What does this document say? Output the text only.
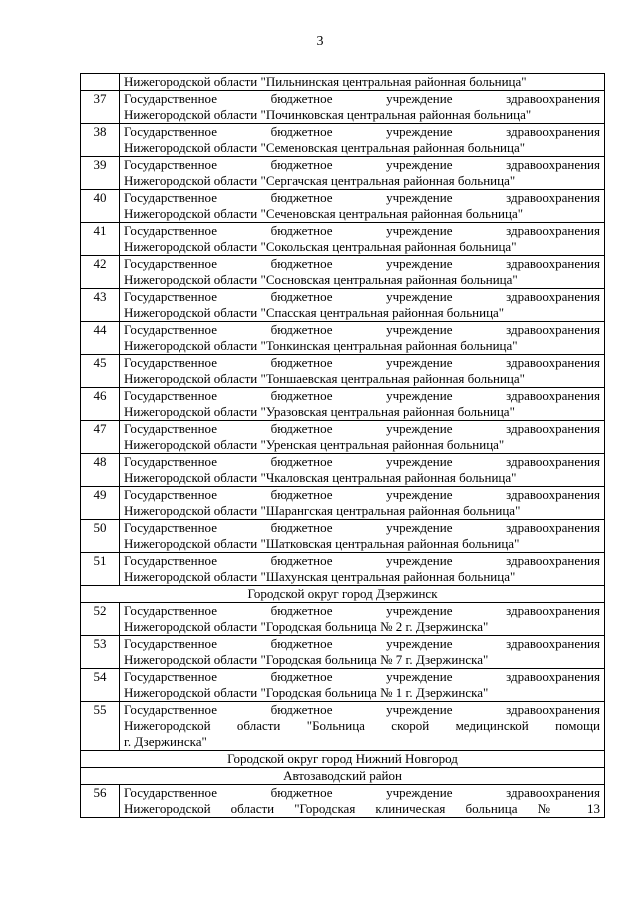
3

	Нижегородской области "Пильнинская центральная районная больница"

37	Государственное бюджетное учреждение здравоохранения
Нижегородской области "Починковская центральная районная больница"

38	Государственное бюджетное учреждение здравоохранения
Нижегородской области "Семеновская центральная районная больница"

39	Государственное бюджетное учреждение здравоохранения
Нижегородской области "Сергачская центральная районная больница"

40	Государственное бюджетное учреждение здравоохранения
Нижегородской области "Сеченовская центральная районная больница"

41	Государственное бюджетное учреждение здравоохранения
Нижегородской области "Сокольская центральная районная больница"

42	Государственное бюджетное учреждение здравоохранения
Нижегородской области "Сосновская центральная районная больница"

43	Государственное бюджетное учреждение здравоохранения
Нижегородской области "Спасская центральная районная больница"

44	Государственное бюджетное учреждение здравоохранения
Нижегородской области "Тонкинская центральная районная больница"

45	Государственное бюджетное учреждение здравоохранения
Нижегородской области "Тоншаевская центральная районная больница"

46	Государственное бюджетное учреждение здравоохранения
Нижегородской области "Уразовская центральная районная больница"

47	Государственное бюджетное учреждение здравоохранения
Нижегородской области "Уренская центральная районная больница"

48	Государственное бюджетное учреждение здравоохранения
Нижегородской области "Чкаловская центральная районная больница"

49	Государственное бюджетное учреждение здравоохранения
Нижегородской области "Шарангская центральная районная больница"

50	Государственное бюджетное учреждение здравоохранения
Нижегородской области "Шатковская центральная районная больница"

51	Государственное бюджетное учреждение здравоохранения
Нижегородской области "Шахунская центральная районная больница"

Городской округ город Дзержинск	
52	Государственное бюджетное учреждение здравоохранения
Нижегородской области "Городская больница № 2 г. Дзержинска"

53	Государственное бюджетное учреждение здравоохранения
Нижегородской области "Городская больница № 7 г. Дзержинска"

54	Государственное бюджетное учреждение здравоохранения
Нижегородской области "Городская больница № 1 г. Дзержинска"

55	Государственное бюджетное учреждение здравоохранения
Нижегородской области "Больница скорой медицинской помощи
г. Дзержинска"

Городской округ город Нижний Новгород	
Автозаводский район	
56	Государственное бюджетное учреждение здравоохранения
Нижегородской области "Городская клиническая больница № 13
